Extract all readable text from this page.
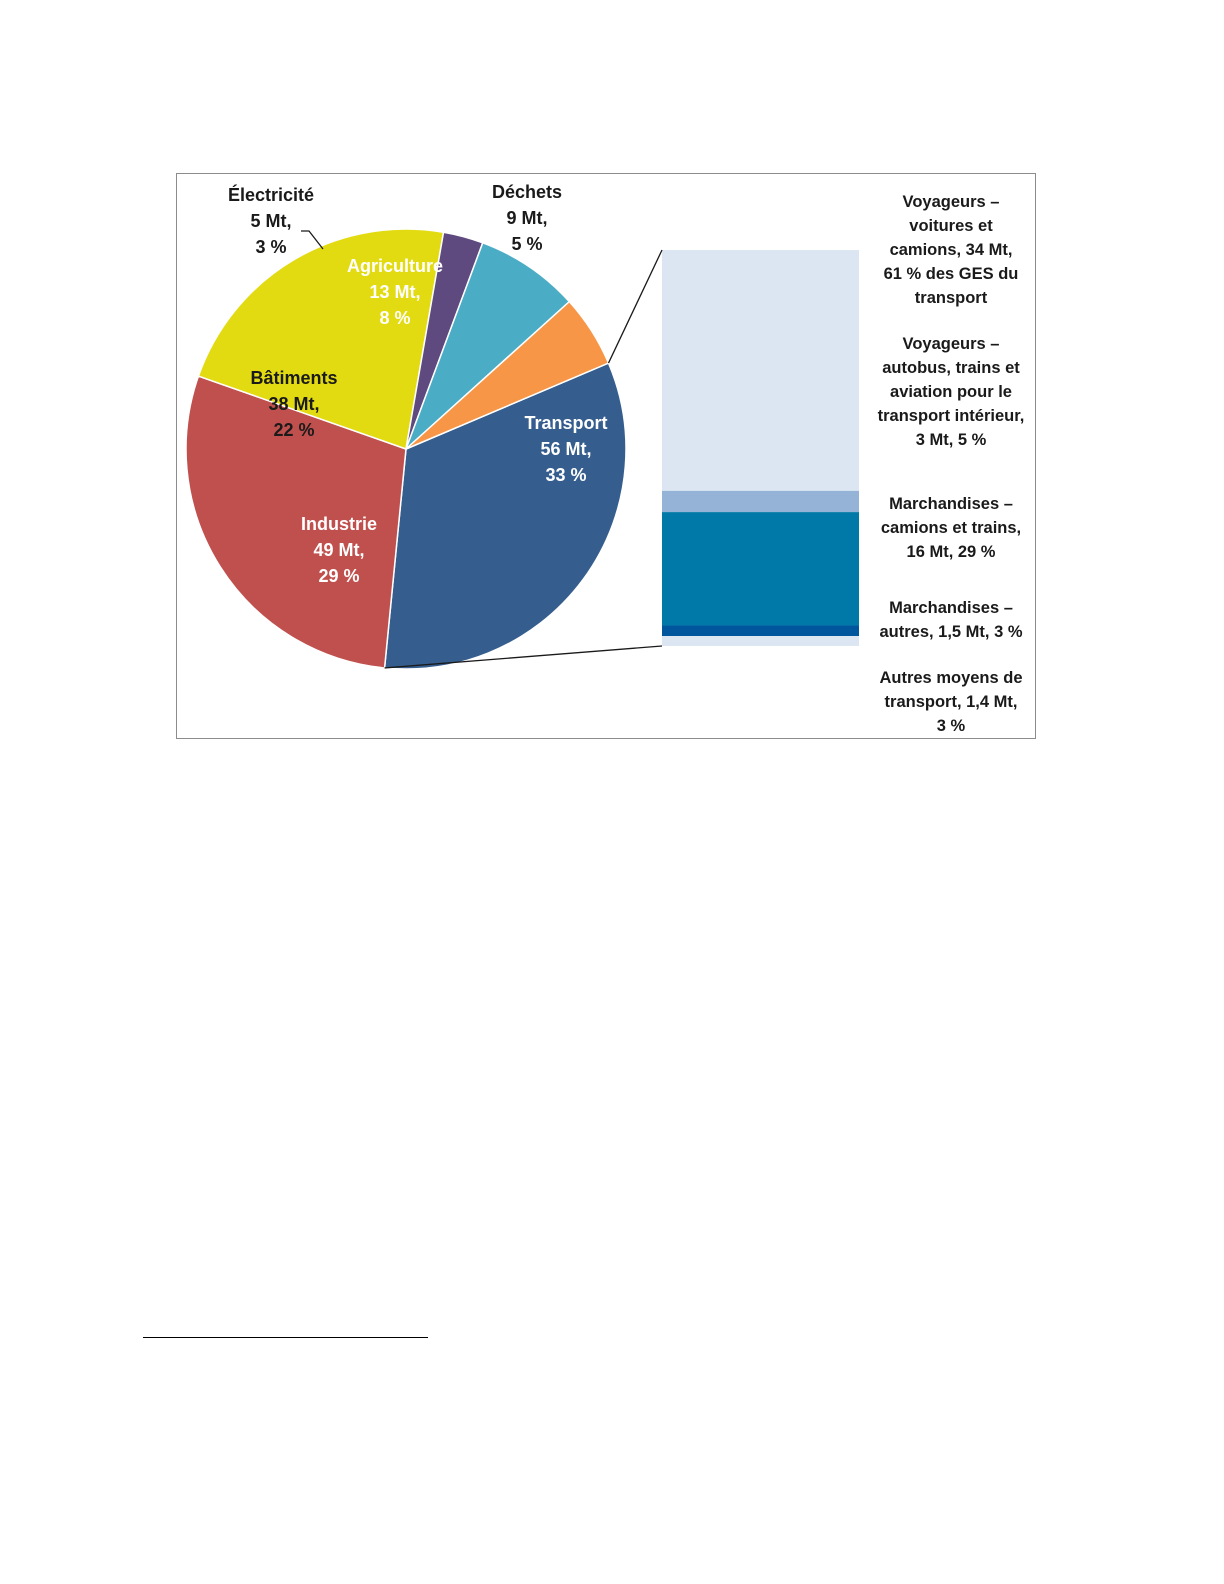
Transport 56 Mt, 33 %
Industrie 49 Mt, 29 %
Bâtiments 38 Mt, 22 %
Électricité 5 Mt, 3 %
Agriculture 13 Mt, 8 %
Déchets 9 Mt, 5 %
Voyageurs – voitures et camions, 34 Mt, 61 % des GES du transport
Voyageurs – autobus, trains et aviation pour le transport intérieur, 3 Mt, 5 %
Marchandises – camions et trains, 16 Mt, 29 %
Marchandises – autres, 1,5 Mt, 3 %
Autres moyens de transport, 1,4 Mt, 3 %
